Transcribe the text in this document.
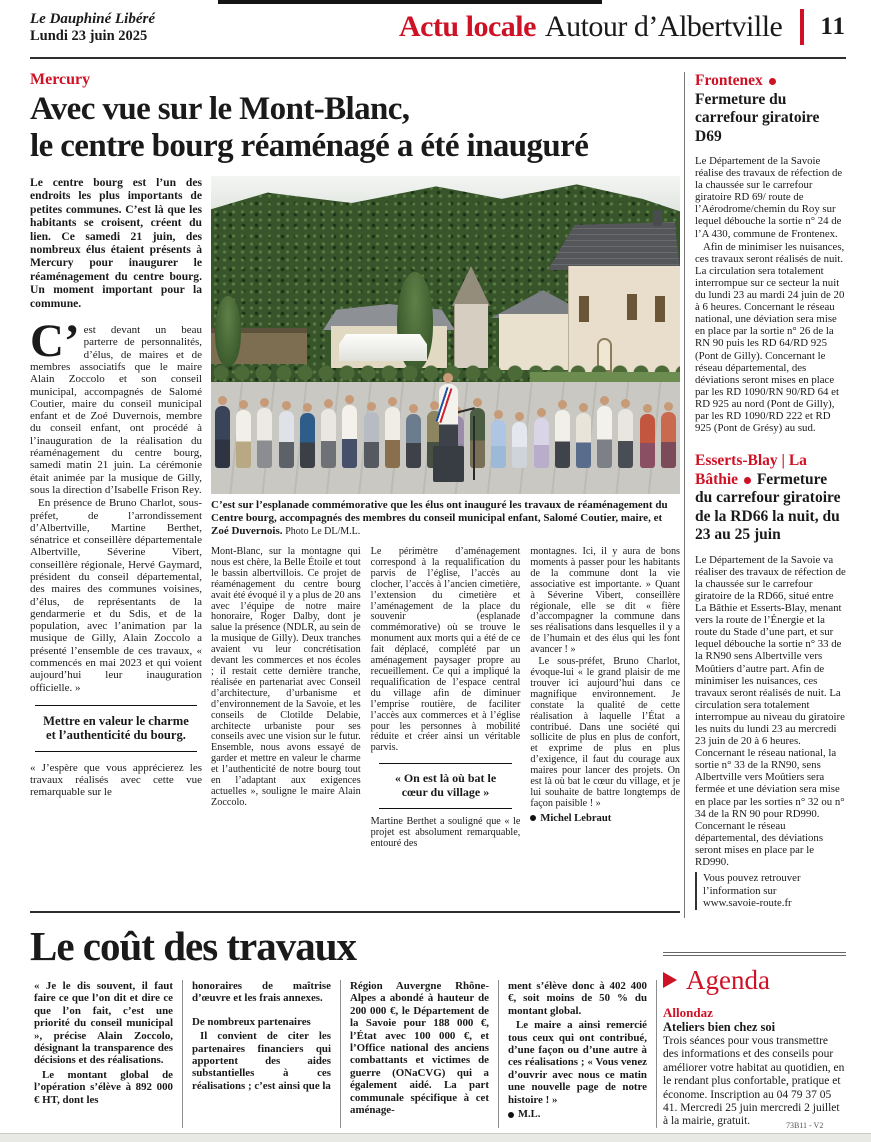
Le Dauphiné Libéré
Lundi 23 juin 2025	Actu locale Autour d’Albertville 11
Mercury
Avec vue sur le Mont-Blanc,
le centre bourg réaménagé a été inauguré

Le centre bourg est l’un des endroits les plus importants de petites communes. C’est là que les habitants se croisent, créent du lien. Ce samedi 21 juin, des nombreux élus étaient présents à Mercury pour inaugurer le réaménagement du centre bourg. Un moment important pour la commune.

C’ est devant un beau parterre de personnalités, d’élus, de maires et de membres associatifs que le maire Alain Zoccolo et son conseil municipal, accompagnés de Salomé Coutier, maire du conseil municipal enfant et de Zoé Duvernois, membre du conseil enfant, ont procédé à l’inauguration de la réalisation du réaménagement du centre bourg, samedi matin 21 juin. La cérémonie était animée par la musique de Gilly, sous la direction d’Isabelle Frison Rey.

En présence de Bruno Charlot, sous-préfet, de l’arrondissement d’Albertville, Martine Berthet, sénatrice et conseillère départementale Albertville, Séverine Vibert, conseillère régionale, Hervé Gaymard, président du conseil départemental, des maires des communes voisines, d’élus, de représentants de la gendarmerie et du Sdis, et de la population, avec l’animation par la musique de Gilly, Alain Zoccolo a présenté l’ensemble de ces travaux, « commencés en mai 2023 et qui voient aujourd’hui leur inauguration officielle. »

Mettre en valeur le charme et l’authenticité du bourg.

« J’espère que vous apprécierez les travaux réalisés avec cette vue remarquable sur le

C’est sur l’esplanade commémorative que les élus ont inauguré les travaux de réaménagement du Centre bourg, accompagnés des membres du conseil municipal enfant, Salomé Coutier, maire, et Zoé Duvernois. Photo Le DL/M.L.

Mont-Blanc, sur la montagne qui nous est chère, la Belle Étoile et tout le bassin albertvillois. Ce projet de réaménagement du centre bourg avait été évoqué il y a plus de 20 ans avec l’équipe de notre maire honoraire, Roger Dalby, dont je salue la présence (NDLR, au sein de la musique de Gilly). Deux tranches avaient vu leur concrétisation devant les commerces et nos écoles ; il restait cette dernière tranche, réalisée en partenariat avec Conseil d’architecture, d’urbanisme et d’environnement de la Savoie, et les conseils de Clotilde Delabie, architecte urbaniste pour ses conseils avec une vision sur le futur. Ensemble, nous avons essayé de garder et mettre en valeur le charme et l’authenticité de notre bourg tout en l’adaptant aux exigences actuelles », souligne le maire Alain Zoccolo.

Le périmètre d’aménagement correspond à la requalification du parvis de l’église, l’accès au clocher, l’accès à l’ancien cimetière, l’extension du cimetière et l’aménagement de la place du souvenir (esplanade commémorative) où se trouve le monument aux morts qui a été de ce fait déplacé, complété par un aménagement paysager propre au recueillement. Ce qui a impliqué la requalification de l’espace central du village afin de diminuer l’emprise routière, de faciliter l’accès aux commerces et à l’église pour les personnes à mobilité réduite et créer ainsi un véritable parvis.

« On est là où bat le cœur du village »

Martine Berthet a souligné que « le projet est absolument remarquable, entouré des

montagnes. Ici, il y aura de bons moments à passer pour les habitants de la commune dont la vie associative est importante. » Quant à Séverine Vibert, conseillère régionale, elle se dit « fière d’accompagner la commune dans ses réalisations dans lesquelles il y a de l’humain et des élus qui les font avancer ! »

Le sous-préfet, Bruno Charlot, évoque-lui « le grand plaisir de me trouver ici aujourd’hui dans ce magnifique environnement. Je constate la qualité de cette réalisation à laquelle l’État a contribué. Dans une société qui sollicite de plus en plus de confort, et exprime de plus en plus d’exigence, il faut du courage aux maires pour lancer des projets. On est là où bat le cœur du village, et je lui souhaite de battre longtemps de façon paisible ! »

Michel Lebraut
Frontenex  Fermeture du carrefour giratoire D69

Le Département de la Savoie réalise des travaux de réfection de la chaussée sur le carrefour giratoire RD 69/ route de l’Aérodrome/chemin du Roy sur lequel débouche la sortie n° 24 de l’A 430, commune de Frontenex.

Afin de minimiser les nuisances, ces travaux seront réalisés de nuit. La circulation sera totalement interrompue sur ce secteur la nuit du lundi 23 au mardi 24 juin de 20 à 6 heures. Concernant le réseau national, une déviation sera mise en place par la sortie n° 26 de la RN 90 puis les RD 64/RD 925 (Pont de Gilly). Concernant le réseau départemental, des déviations seront mises en place par les RD 1090/RN 90/RD 64 et RD 925 au nord (Pont de Gilly), par les RD 1090/RD 222 et RD 925 (Pont de Grésy) au sud.

Esserts-Blay | La Bâthie Fermeture du carrefour giratoire de la RD66 la nuit, du 23 au 25 juin

Le Département de la Savoie va réaliser des travaux de réfection de la chaussée sur le carrefour giratoire de la RD66, situé entre La Bâthie et Esserts-Blay, menant vers la route de l’Énergie et la route du Stade d’une part, et sur lequel débouche la sortie n° 33 de la RN90 sens Albertville vers Moûtiers d’autre part. Afin de minimiser les nuisances, ces travaux seront réalisés de nuit. La circulation sera totalement interrompue au niveau du giratoire les nuits du lundi 23 au mercredi 23 juin de 20 à 6 heures. Concernant le réseau national, la sortie n° 33 de la RN90, sens Albertville vers Moûtiers sera fermée et une déviation sera mise en place par les sorties n° 32 ou n° 34 de la RN 90 pour RD990. Concernant le réseau départemental, des déviations seront mises en place par le RD990.

Vous pouvez retrouver l’information sur
www.savoie-route.fr
Le coût des travaux

« Je le dis souvent, il faut faire ce que l’on dit et dire ce que l’on fait, c’est une priorité du conseil municipal », précise Alain Zoccolo, désignant la transparence des décisions et des réalisations.

Le montant global de l’opération s’élève à 892 000 € HT, dont les

honoraires de maîtrise d’œuvre et les frais annexes.

De nombreux partenaires

Il convient de citer les partenaires financiers qui apportent des aides substantielles à ces réalisations ; c’est ainsi que la

Région Auvergne Rhône-Alpes a abondé à hauteur de 200 000 €, le Département de la Savoie pour 188 000 €, l’État avec 100 000 €, et l’Office national des anciens combattants et victimes de guerre (ONaCVG) qui a également aidé. La part communale spécifique à cet aménage-

ment s’élève donc à 402 400 €, soit moins de 50 % du montant global.

Le maire a ainsi remercié tous ceux qui ont contribué, d’une façon ou d’une autre à ces réalisations ; « Vous venez d’ouvrir avec nous ce matin une nouvelle page de notre histoire ! »

M.L.
Agenda
Allondaz
Ateliers bien chez soi

Trois séances pour vous transmettre des informations et des conseils pour améliorer votre habitat au quotidien, en le rendant plus confortable, pratique et économe. Inscription au 04 79 37 05 41. Mercredi 25 juin mercredi 2 juillet à la mairie, gratuit.	73B11 - V2
